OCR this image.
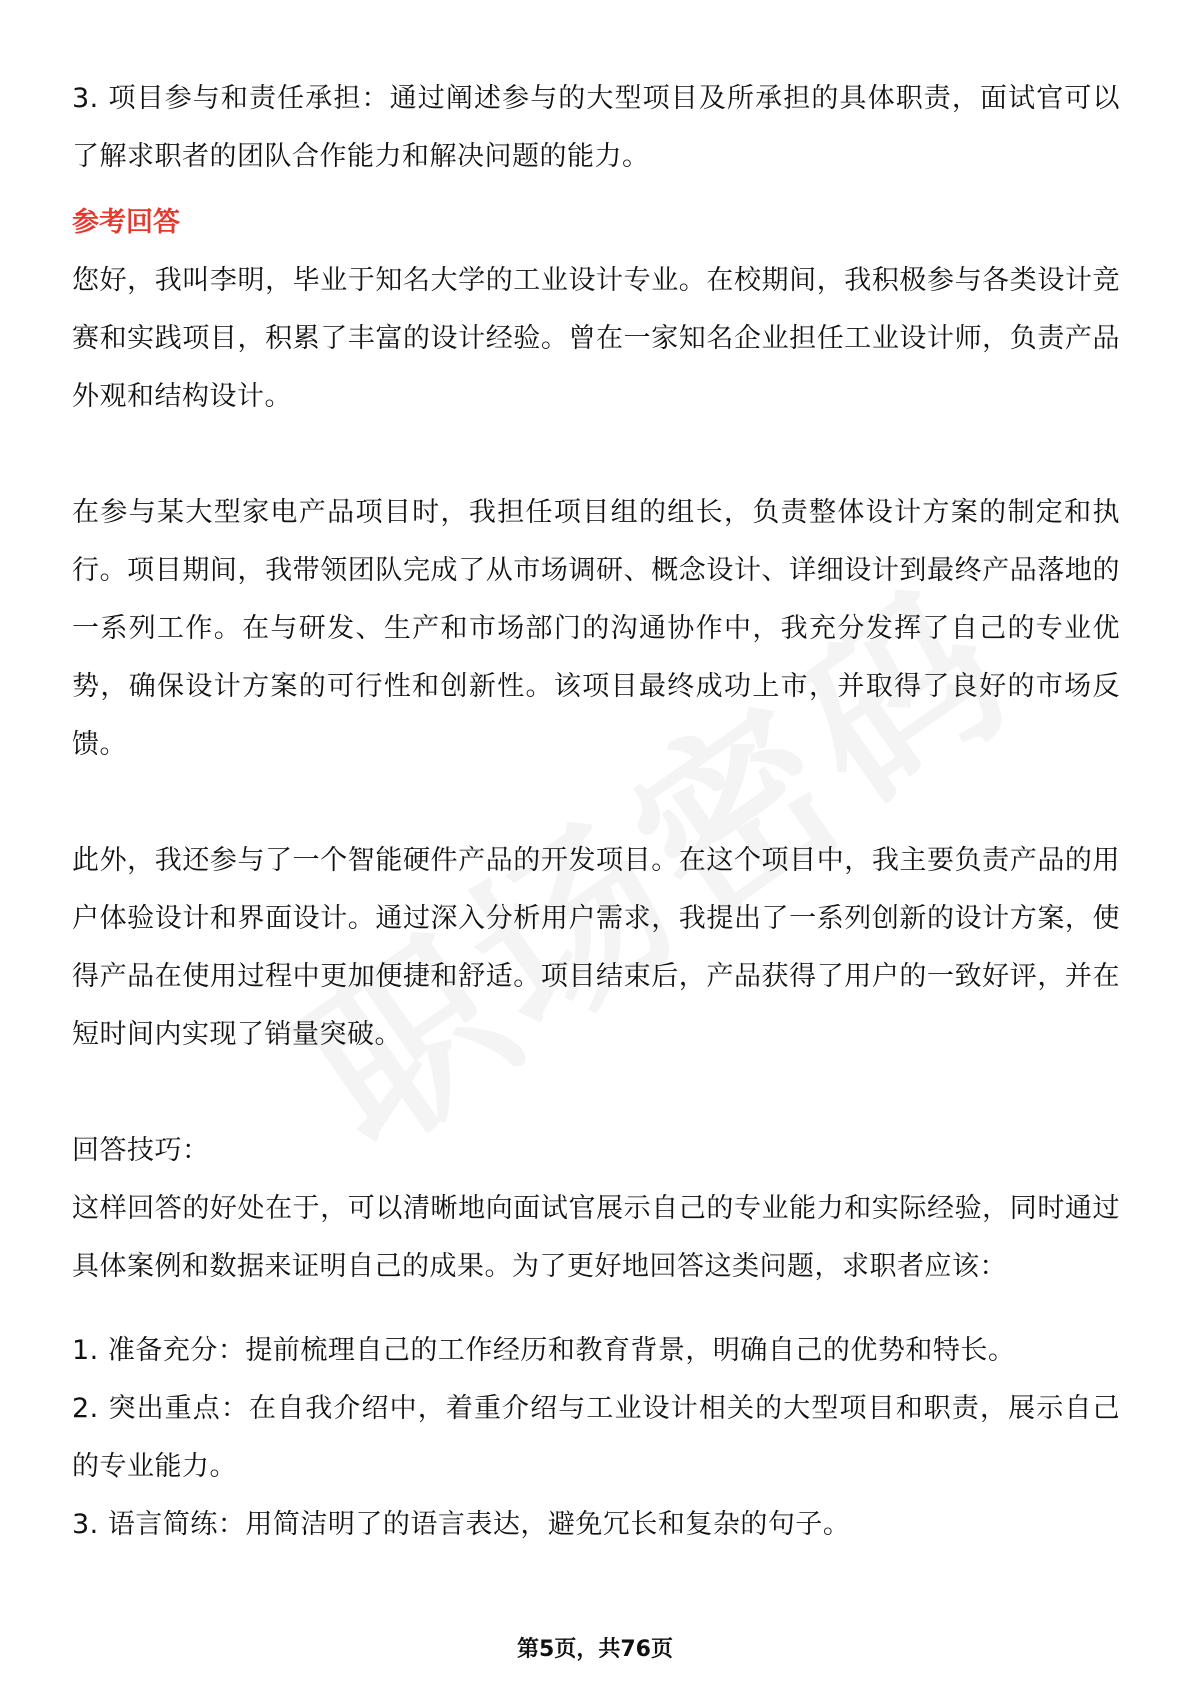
3. 项目参与和责任承担：通过阐述参与的大型项目及所承担的具体职责，面试官可以了解求职者的团队合作能力和解决问题的能力。

参考回答

您好，我叫李明，毕业于知名大学的工业设计专业。在校期间，我积极参与各类设计竞赛和实践项目，积累了丰富的设计经验。曾在一家知名企业担任工业设计师，负责产品外观和结构设计。

在参与某大型家电产品项目时，我担任项目组的组长，负责整体设计方案的制定和执行。项目期间，我带领团队完成了从市场调研、概念设计、详细设计到最终产品落地的一系列工作。在与研发、生产和市场部门的沟通协作中，我充分发挥了自己的专业优势，确保设计方案的可行性和创新性。该项目最终成功上市，并取得了良好的市场反馈。

此外，我还参与了一个智能硬件产品的开发项目。在这个项目中，我主要负责产品的用户体验设计和界面设计。通过深入分析用户需求，我提出了一系列创新的设计方案，使得产品在使用过程中更加便捷和舒适。项目结束后，产品获得了用户的一致好评，并在短时间内实现了销量突破。

回答技巧：

这样回答的好处在于，可以清晰地向面试官展示自己的专业能力和实际经验，同时通过具体案例和数据来证明自己的成果。为了更好地回答这类问题，求职者应该：

1. 准备充分：提前梳理自己的工作经历和教育背景，明确自己的优势和特长。

2. 突出重点：在自我介绍中，着重介绍与工业设计相关的大型项目和职责，展示自己的专业能力。

3. 语言简练：用简洁明了的语言表达，避免冗长和复杂的句子。

第5页，共76页
